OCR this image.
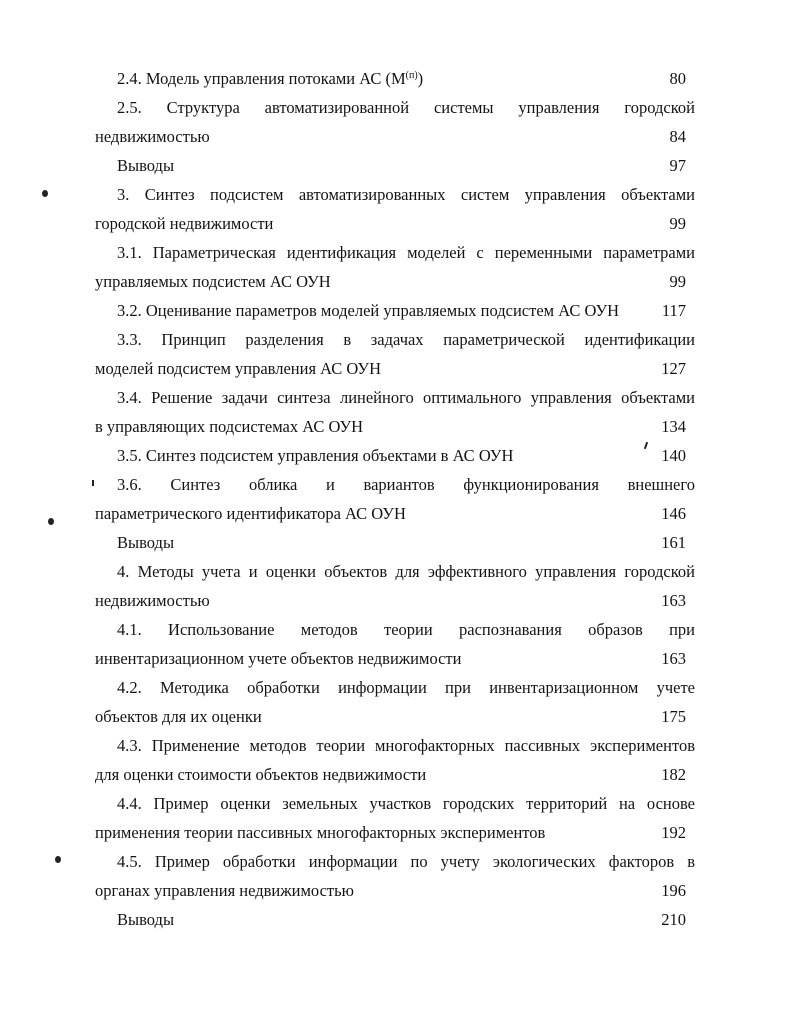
2.4. Модель управления потоками АС $(М^{(п)})$	80
2.5. Структура автоматизированной системы управления городской
недвижимостью	84
Выводы	97
3. Синтез подсистем автоматизированных систем управления объектами
городской недвижимости	99
3.1. Параметрическая идентификация моделей с переменными параметрами
управляемых подсистем АС ОУН	99
3.2. Оценивание параметров моделей управляемых подсистем АС ОУН	117
3.3. Принцип разделения в задачах параметрической идентификации
моделей подсистем управления АС ОУН	127
3.4. Решение задачи синтеза линейного оптимального управления объектами
в управляющих подсистемах АС ОУН	134
3.5. Синтез подсистем управления объектами в АС ОУН	140
3.6. Синтез облика и вариантов функционирования внешнего
параметрического идентификатора АС ОУН	146
Выводы	161
4. Методы учета и оценки объектов для эффективного управления городской
недвижимостью	163
4.1. Использование методов теории распознавания образов при
инвентаризационном учете объектов недвижимости	163
4.2. Методика обработки информации при инвентаризационном учете
объектов для их оценки	175
4.3. Применение методов теории многофакторных пассивных экспериментов
для оценки стоимости объектов недвижимости	182
4.4. Пример оценки земельных участков городских территорий на основе
применения теории пассивных многофакторных экспериментов	192
4.5. Пример обработки информации по учету экологических факторов в
органах управления недвижимостью	196
Выводы	210
